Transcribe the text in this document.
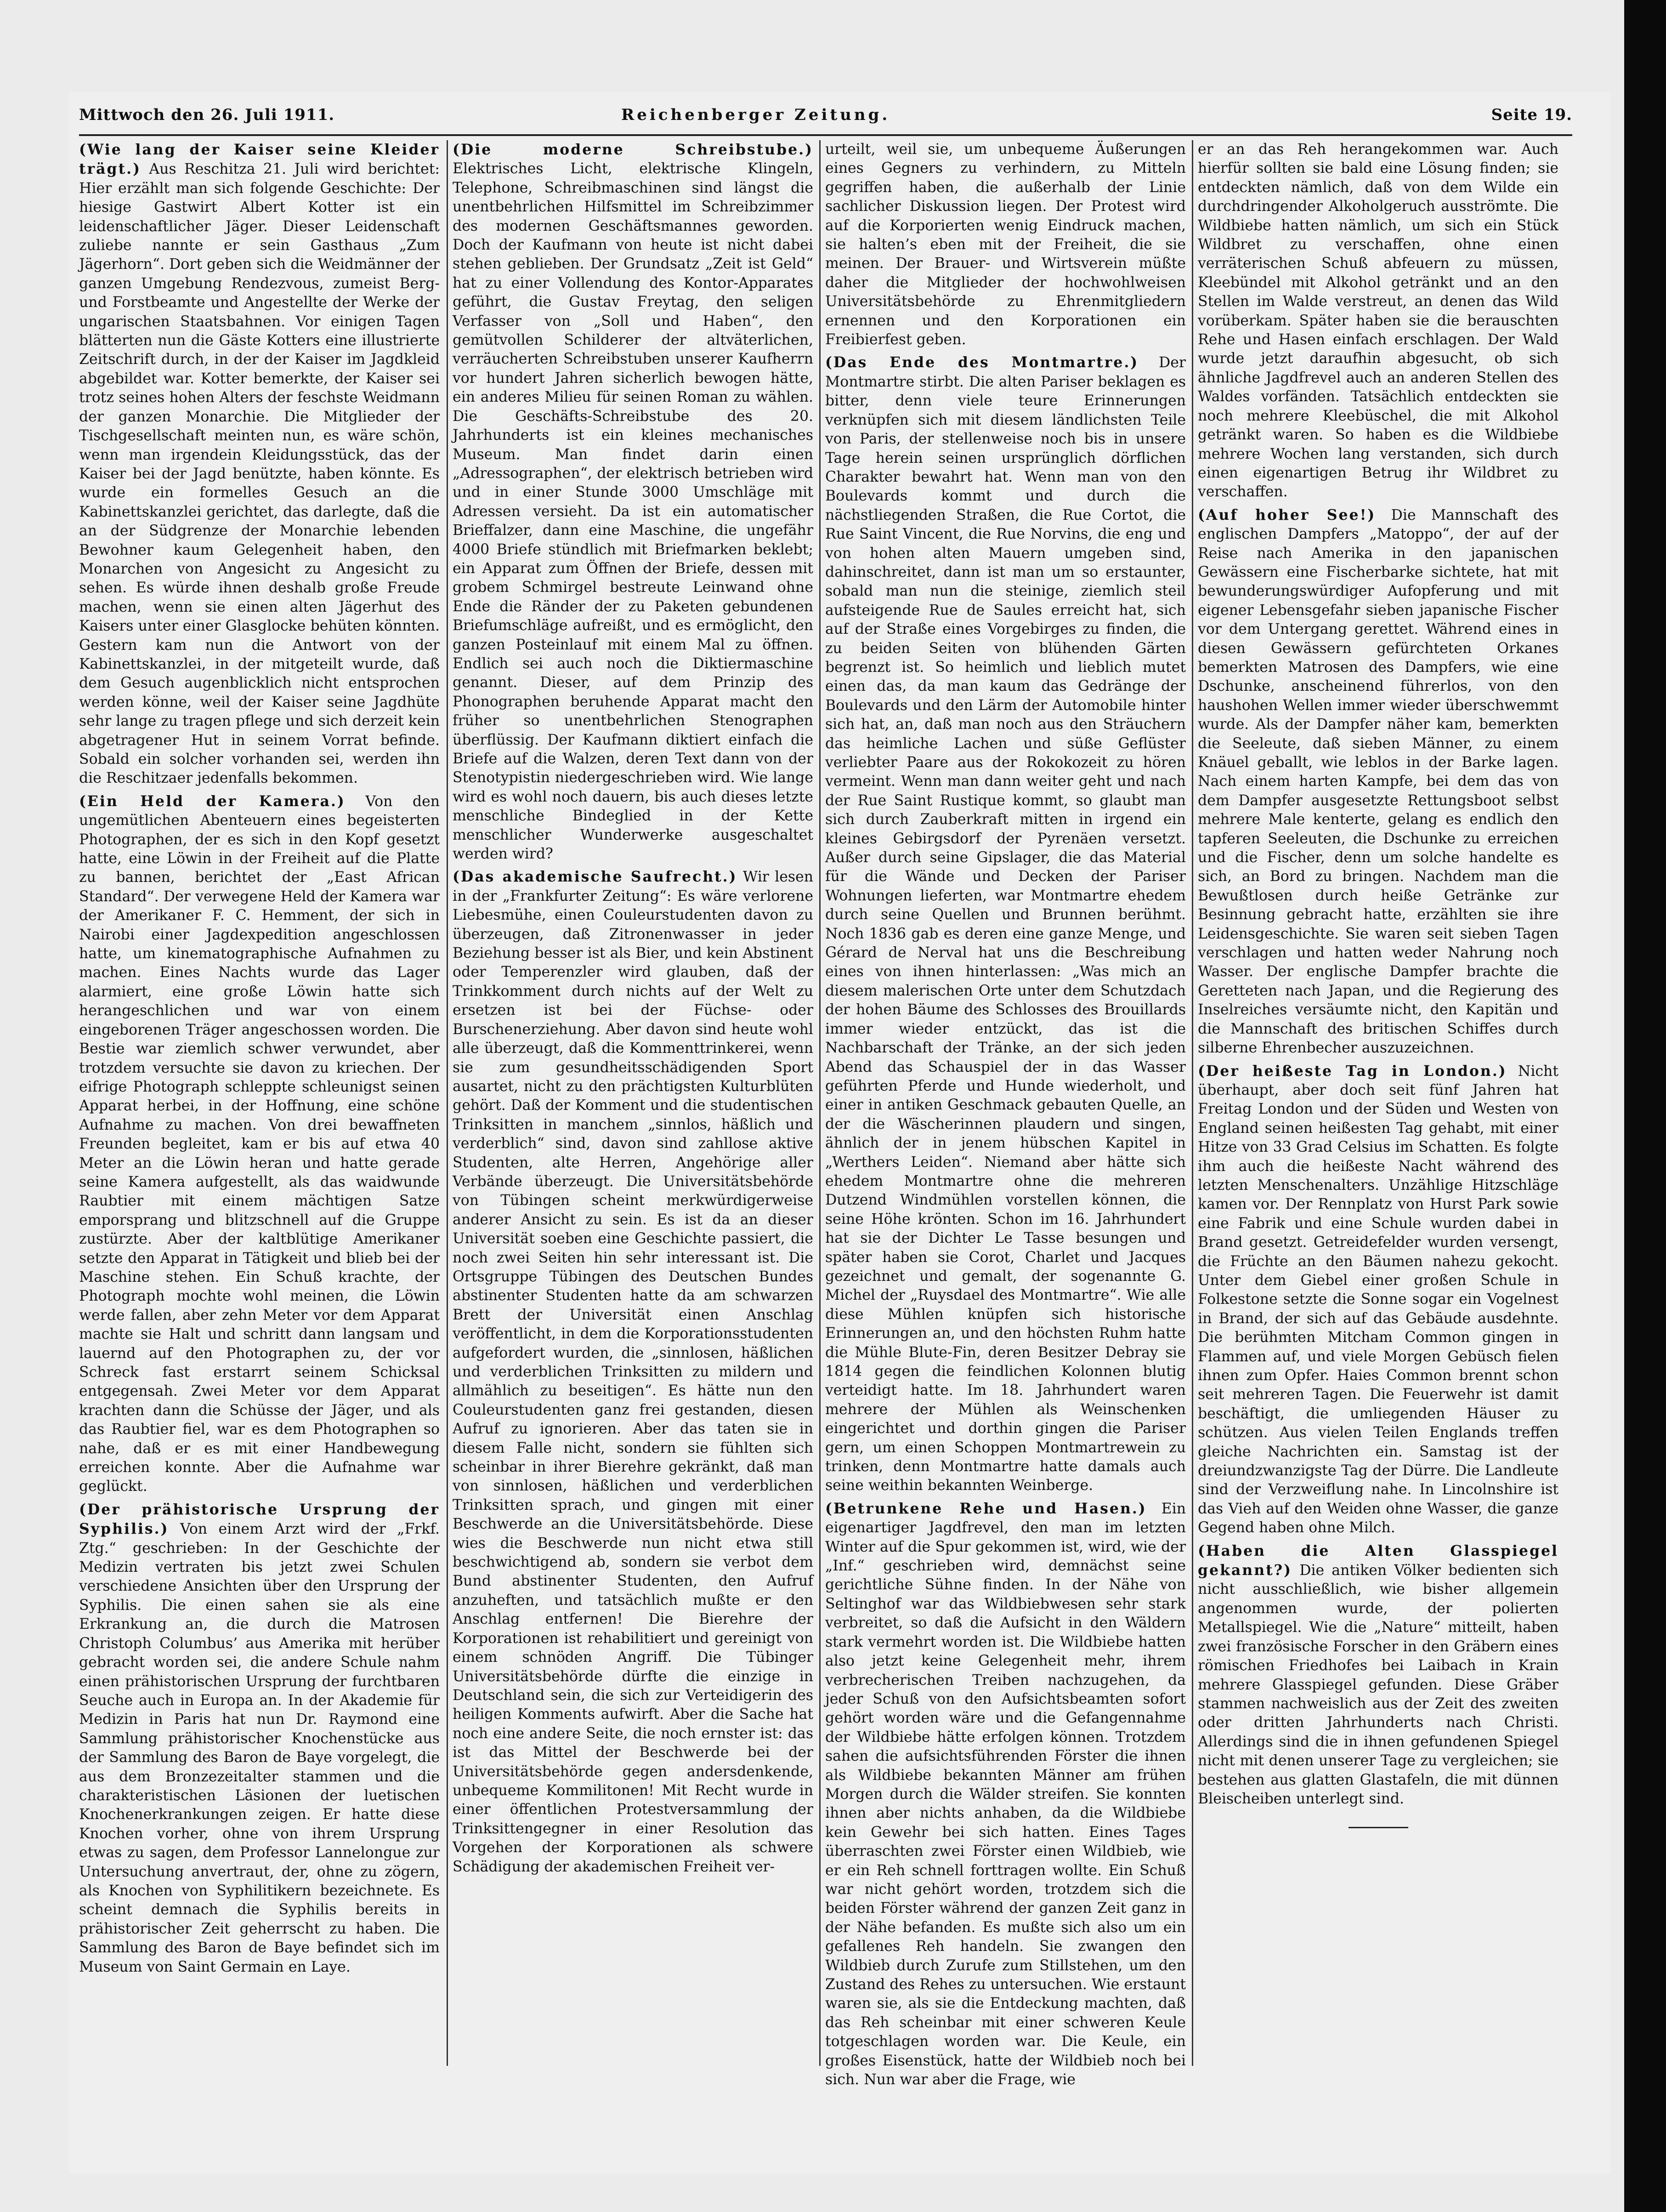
Mittwoch den 26. Juli 1911.	Reichenberger Zeitung.	Seite 19.

(Wie lang der Kaiser seine Kleider trägt.) Aus Reschitza 21. Juli wird berichtet: Hier erzählt man sich folgende Geschichte: Der hiesige Gastwirt Albert Kotter ist ein leidenschaftlicher Jäger. Dieser Leidenschaft zuliebe nannte er sein Gasthaus „Zum Jägerhorn“. Dort geben sich die Weidmänner der ganzen Umgebung Rendezvous, zumeist Berg- und Forstbeamte und Angestellte der Werke der ungarischen Staatsbahnen. Vor einigen Tagen blätterten nun die Gäste Kotters eine illustrierte Zeitschrift durch, in der der Kaiser im Jagdkleid abgebildet war. Kotter bemerkte, der Kaiser sei trotz seines hohen Alters der feschste Weidmann der ganzen Monarchie. Die Mitglieder der Tischgesellschaft meinten nun, es wäre schön, wenn man irgendein Kleidungsstück, das der Kaiser bei der Jagd benützte, haben könnte. Es wurde ein formelles Gesuch an die Kabinettskanzlei gerichtet, das darlegte, daß die an der Südgrenze der Monarchie lebenden Bewohner kaum Gelegenheit haben, den Monarchen von Angesicht zu Angesicht zu sehen. Es würde ihnen deshalb große Freude machen, wenn sie einen alten Jägerhut des Kaisers unter einer Glasglocke behüten könnten. Gestern kam nun die Antwort von der Kabinettskanzlei, in der mitgeteilt wurde, daß dem Gesuch augenblicklich nicht entsprochen werden könne, weil der Kaiser seine Jagdhüte sehr lange zu tragen pflege und sich derzeit kein abgetragener Hut in seinem Vorrat befinde. Sobald ein solcher vorhanden sei, werden ihn die Reschitzaer jedenfalls bekommen.

(Ein Held der Kamera.) Von den ungemütlichen Abenteuern eines begeisterten Photographen, der es sich in den Kopf gesetzt hatte, eine Löwin in der Freiheit auf die Platte zu bannen, berichtet der „East African Standard“. Der verwegene Held der Kamera war der Amerikaner F. C. Hemment, der sich in Nairobi einer Jagdexpedition angeschlossen hatte, um kinematographische Aufnahmen zu machen. Eines Nachts wurde das Lager alarmiert, eine große Löwin hatte sich herangeschlichen und war von einem eingeborenen Träger angeschossen worden. Die Bestie war ziemlich schwer verwundet, aber trotzdem versuchte sie davon zu kriechen. Der eifrige Photograph schleppte schleunigst seinen Apparat herbei, in der Hoffnung, eine schöne Aufnahme zu machen. Von drei bewaffneten Freunden begleitet, kam er bis auf etwa 40 Meter an die Löwin heran und hatte gerade seine Kamera aufgestellt, als das waidwunde Raubtier mit einem mächtigen Satze emporsprang und blitzschnell auf die Gruppe zustürzte. Aber der kaltblütige Amerikaner setzte den Apparat in Tätigkeit und blieb bei der Maschine stehen. Ein Schuß krachte, der Photograph mochte wohl meinen, die Löwin werde fallen, aber zehn Meter vor dem Apparat machte sie Halt und schritt dann langsam und lauernd auf den Photographen zu, der vor Schreck fast erstarrt seinem Schicksal entgegensah. Zwei Meter vor dem Apparat krachten dann die Schüsse der Jäger, und als das Raubtier fiel, war es dem Photographen so nahe, daß er es mit einer Handbewegung erreichen konnte. Aber die Aufnahme war geglückt.

(Der prähistorische Ursprung der Syphilis.) Von einem Arzt wird der „Frkf. Ztg.“ geschrieben: In der Geschichte der Medizin vertraten bis jetzt zwei Schulen verschiedene Ansichten über den Ursprung der Syphilis. Die einen sahen sie als eine Erkrankung an, die durch die Matrosen Christoph Columbus’ aus Amerika mit herüber gebracht worden sei, die andere Schule nahm einen prähistorischen Ursprung der furchtbaren Seuche auch in Europa an. In der Akademie für Medizin in Paris hat nun Dr. Raymond eine Sammlung prähistorischer Knochenstücke aus der Sammlung des Baron de Baye vorgelegt, die aus dem Bronzezeitalter stammen und die charakteristischen Läsionen der luetischen Knochenerkrankungen zeigen. Er hatte diese Knochen vorher, ohne von ihrem Ursprung etwas zu sagen, dem Professor Lannelongue zur Untersuchung anvertraut, der, ohne zu zögern, als Knochen von Syphilitikern bezeichnete. Es scheint demnach die Syphilis bereits in prähistorischer Zeit geherrscht zu haben. Die Sammlung des Baron de Baye befindet sich im Museum von Saint Germain en Laye.

(Die moderne Schreibstube.) Elektrisches Licht, elektrische Klingeln, Telephone, Schreibmaschinen sind längst die unentbehrlichen Hilfsmittel im Schreibzimmer des modernen Geschäftsmannes geworden. Doch der Kaufmann von heute ist nicht dabei stehen geblieben. Der Grundsatz „Zeit ist Geld“ hat zu einer Vollendung des Kontor-Apparates geführt, die Gustav Freytag, den seligen Verfasser von „Soll und Haben“, den gemütvollen Schilderer der altväterlichen, verräucherten Schreibstuben unserer Kaufherrn vor hundert Jahren sicherlich bewogen hätte, ein anderes Milieu für seinen Roman zu wählen. Die Geschäfts-Schreibstube des 20. Jahrhunderts ist ein kleines mechanisches Museum. Man findet darin einen „Adressographen“, der elektrisch betrieben wird und in einer Stunde 3000 Umschläge mit Adressen versieht. Da ist ein automatischer Brieffalzer, dann eine Maschine, die ungefähr 4000 Briefe stündlich mit Briefmarken beklebt; ein Apparat zum Öffnen der Briefe, dessen mit grobem Schmirgel bestreute Leinwand ohne Ende die Ränder der zu Paketen gebundenen Briefumschläge aufreißt, und es ermöglicht, den ganzen Posteinlauf mit einem Mal zu öffnen. Endlich sei auch noch die Diktiermaschine genannt. Dieser, auf dem Prinzip des Phonographen beruhende Apparat macht den früher so unentbehrlichen Stenographen überflüssig. Der Kaufmann diktiert einfach die Briefe auf die Walzen, deren Text dann von der Stenotypistin niedergeschrieben wird. Wie lange wird es wohl noch dauern, bis auch dieses letzte menschliche Bindeglied in der Kette menschlicher Wunderwerke ausgeschaltet werden wird?

(Das akademische Saufrecht.) Wir lesen in der „Frankfurter Zeitung“: Es wäre verlorene Liebesmühe, einen Couleurstudenten davon zu überzeugen, daß Zitronenwasser in jeder Beziehung besser ist als Bier, und kein Abstinent oder Temperenzler wird glauben, daß der Trinkkomment durch nichts auf der Welt zu ersetzen ist bei der Füchse- oder Burschenerziehung. Aber davon sind heute wohl alle überzeugt, daß die Kommenttrinkerei, wenn sie zum gesundheitsschädigenden Sport ausartet, nicht zu den prächtigsten Kulturblüten gehört. Daß der Komment und die studentischen Trinksitten in manchem „sinnlos, häßlich und verderblich“ sind, davon sind zahllose aktive Studenten, alte Herren, Angehörige aller Verbände überzeugt. Die Universitätsbehörde von Tübingen scheint merkwürdigerweise anderer Ansicht zu sein. Es ist da an dieser Universität soeben eine Geschichte passiert, die noch zwei Seiten hin sehr interessant ist. Die Ortsgruppe Tübingen des Deutschen Bundes abstinenter Studenten hatte da am schwarzen Brett der Universität einen Anschlag veröffentlicht, in dem die Korporationsstudenten aufgefordert wurden, die „sinnlosen, häßlichen und verderblichen Trinksitten zu mildern und allmählich zu beseitigen“. Es hätte nun den Couleurstudenten ganz frei gestanden, diesen Aufruf zu ignorieren. Aber das taten sie in diesem Falle nicht, sondern sie fühlten sich scheinbar in ihrer Bierehre gekränkt, daß man von sinnlosen, häßlichen und verderblichen Trinksitten sprach, und gingen mit einer Beschwerde an die Universitätsbehörde. Diese wies die Beschwerde nun nicht etwa still beschwichtigend ab, sondern sie verbot dem Bund abstinenter Studenten, den Aufruf anzuheften, und tatsächlich mußte er den Anschlag entfernen! Die Bierehre der Korporationen ist rehabilitiert und gereinigt von einem schnöden Angriff. Die Tübinger Universitätsbehörde dürfte die einzige in Deutschland sein, die sich zur Verteidigerin des heiligen Komments aufwirft. Aber die Sache hat noch eine andere Seite, die noch ernster ist: das ist das Mittel der Beschwerde bei der Universitätsbehörde gegen andersdenkende, unbequeme Kommilitonen! Mit Recht wurde in einer öffentlichen Protestversammlung der Trinksittengegner in einer Resolution das Vorgehen der Korporationen als schwere Schädigung der akademischen Freiheit ver-

urteilt, weil sie, um unbequeme Äußerungen eines Gegners zu verhindern, zu Mitteln gegriffen haben, die außerhalb der Linie sachlicher Diskussion liegen. Der Protest wird auf die Korporierten wenig Eindruck machen, sie halten’s eben mit der Freiheit, die sie meinen. Der Brauer- und Wirtsverein müßte daher die Mitglieder der hochwohlweisen Universitätsbehörde zu Ehrenmitgliedern ernennen und den Korporationen ein Freibierfest geben.

(Das Ende des Montmartre.) Der Montmartre stirbt. Die alten Pariser beklagen es bitter, denn viele teure Erinnerungen verknüpfen sich mit diesem ländlichsten Teile von Paris, der stellenweise noch bis in unsere Tage herein seinen ursprünglich dörflichen Charakter bewahrt hat. Wenn man von den Boulevards kommt und durch die nächstliegenden Straßen, die Rue Cortot, die Rue Saint Vincent, die Rue Norvins, die eng und von hohen alten Mauern umgeben sind, dahinschreitet, dann ist man um so erstaunter, sobald man nun die steinige, ziemlich steil aufsteigende Rue de Saules erreicht hat, sich auf der Straße eines Vorgebirges zu finden, die zu beiden Seiten von blühenden Gärten begrenzt ist. So heimlich und lieblich mutet einen das, da man kaum das Gedränge der Boulevards und den Lärm der Automobile hinter sich hat, an, daß man noch aus den Sträuchern das heimliche Lachen und süße Geflüster verliebter Paare aus der Rokokozeit zu hören vermeint. Wenn man dann weiter geht und nach der Rue Saint Rustique kommt, so glaubt man sich durch Zauberkraft mitten in irgend ein kleines Gebirgsdorf der Pyrenäen versetzt. Außer durch seine Gipslager, die das Material für die Wände und Decken der Pariser Wohnungen lieferten, war Montmartre ehedem durch seine Quellen und Brunnen berühmt. Noch 1836 gab es deren eine ganze Menge, und Gérard de Nerval hat uns die Beschreibung eines von ihnen hinterlassen: „Was mich an diesem malerischen Orte unter dem Schutzdach der hohen Bäume des Schlosses des Brouillards immer wieder entzückt, das ist die Nachbarschaft der Tränke, an der sich jeden Abend das Schauspiel der in das Wasser geführten Pferde und Hunde wiederholt, und einer in antiken Geschmack gebauten Quelle, an der die Wäscherinnen plaudern und singen, ähnlich der in jenem hübschen Kapitel in „Werthers Leiden“. Niemand aber hätte sich ehedem Montmartre ohne die mehreren Dutzend Windmühlen vorstellen können, die seine Höhe krönten. Schon im 16. Jahrhundert hat sie der Dichter Le Tasse besungen und später haben sie Corot, Charlet und Jacques gezeichnet und gemalt, der sogenannte G. Michel der „Ruysdael des Montmartre“. Wie alle diese Mühlen knüpfen sich historische Erinnerungen an, und den höchsten Ruhm hatte die Mühle Blute-Fin, deren Besitzer Debray sie 1814 gegen die feindlichen Kolonnen blutig verteidigt hatte. Im 18. Jahrhundert waren mehrere der Mühlen als Weinschenken eingerichtet und dorthin gingen die Pariser gern, um einen Schoppen Montmartrewein zu trinken, denn Montmartre hatte damals auch seine weithin bekannten Weinberge.

(Betrunkene Rehe und Hasen.) Ein eigenartiger Jagdfrevel, den man im letzten Winter auf die Spur gekommen ist, wird, wie der „Inf.“ geschrieben wird, demnächst seine gerichtliche Sühne finden. In der Nähe von Seltinghof war das Wildbiebwesen sehr stark verbreitet, so daß die Aufsicht in den Wäldern stark vermehrt worden ist. Die Wildbiebe hatten also jetzt keine Gelegenheit mehr, ihrem verbrecherischen Treiben nachzugehen, da jeder Schuß von den Aufsichtsbeamten sofort gehört worden wäre und die Gefangennahme der Wildbiebe hätte erfolgen können. Trotzdem sahen die aufsichtsführenden Förster die ihnen als Wildbiebe bekannten Männer am frühen Morgen durch die Wälder streifen. Sie konnten ihnen aber nichts anhaben, da die Wildbiebe kein Gewehr bei sich hatten. Eines Tages überraschten zwei Förster einen Wildbieb, wie er ein Reh schnell forttragen wollte. Ein Schuß war nicht gehört worden, trotzdem sich die beiden Förster während der ganzen Zeit ganz in der Nähe befanden. Es mußte sich also um ein gefallenes Reh handeln. Sie zwangen den Wildbieb durch Zurufe zum Stillstehen, um den Zustand des Rehes zu untersuchen. Wie erstaunt waren sie, als sie die Entdeckung machten, daß das Reh scheinbar mit einer schweren Keule totgeschlagen worden war. Die Keule, ein großes Eisenstück, hatte der Wildbieb noch bei sich. Nun war aber die Frage, wie

er an das Reh herangekommen war. Auch hierfür sollten sie bald eine Lösung finden; sie entdeckten nämlich, daß von dem Wilde ein durchdringender Alkoholgeruch ausströmte. Die Wildbiebe hatten nämlich, um sich ein Stück Wildbret zu verschaffen, ohne einen verräterischen Schuß abfeuern zu müssen, Kleebündel mit Alkohol getränkt und an den Stellen im Walde verstreut, an denen das Wild vorüberkam. Später haben sie die berauschten Rehe und Hasen einfach erschlagen. Der Wald wurde jetzt daraufhin abgesucht, ob sich ähnliche Jagdfrevel auch an anderen Stellen des Waldes vorfänden. Tatsächlich entdeckten sie noch mehrere Kleebüschel, die mit Alkohol getränkt waren. So haben es die Wildbiebe mehrere Wochen lang verstanden, sich durch einen eigenartigen Betrug ihr Wildbret zu verschaffen.

(Auf hoher See!) Die Mannschaft des englischen Dampfers „Matoppo“, der auf der Reise nach Amerika in den japanischen Gewässern eine Fischerbarke sichtete, hat mit bewunderungswürdiger Aufopferung und mit eigener Lebensgefahr sieben japanische Fischer vor dem Untergang gerettet. Während eines in diesen Gewässern gefürchteten Orkanes bemerkten Matrosen des Dampfers, wie eine Dschunke, anscheinend führerlos, von den haushohen Wellen immer wieder überschwemmt wurde. Als der Dampfer näher kam, bemerkten die Seeleute, daß sieben Männer, zu einem Knäuel geballt, wie leblos in der Barke lagen. Nach einem harten Kampfe, bei dem das von dem Dampfer ausgesetzte Rettungsboot selbst mehrere Male kenterte, gelang es endlich den tapferen Seeleuten, die Dschunke zu erreichen und die Fischer, denn um solche handelte es sich, an Bord zu bringen. Nachdem man die Bewußtlosen durch heiße Getränke zur Besinnung gebracht hatte, erzählten sie ihre Leidensgeschichte. Sie waren seit sieben Tagen verschlagen und hatten weder Nahrung noch Wasser. Der englische Dampfer brachte die Geretteten nach Japan, und die Regierung des Inselreiches versäumte nicht, den Kapitän und die Mannschaft des britischen Schiffes durch silberne Ehrenbecher auszuzeichnen.

(Der heißeste Tag in London.) Nicht überhaupt, aber doch seit fünf Jahren hat Freitag London und der Süden und Westen von England seinen heißesten Tag gehabt, mit einer Hitze von 33 Grad Celsius im Schatten. Es folgte ihm auch die heißeste Nacht während des letzten Menschenalters. Unzählige Hitzschläge kamen vor. Der Rennplatz von Hurst Park sowie eine Fabrik und eine Schule wurden dabei in Brand gesetzt. Getreidefelder wurden versengt, die Früchte an den Bäumen nahezu gekocht. Unter dem Giebel einer großen Schule in Folkestone setzte die Sonne sogar ein Vogelnest in Brand, der sich auf das Gebäude ausdehnte. Die berühmten Mitcham Common gingen in Flammen auf, und viele Morgen Gebüsch fielen ihnen zum Opfer. Haies Common brennt schon seit mehreren Tagen. Die Feuerwehr ist damit beschäftigt, die umliegenden Häuser zu schützen. Aus vielen Teilen Englands treffen gleiche Nachrichten ein. Samstag ist der dreiundzwanzigste Tag der Dürre. Die Landleute sind der Verzweiflung nahe. In Lincolnshire ist das Vieh auf den Weiden ohne Wasser, die ganze Gegend haben ohne Milch.

(Haben die Alten Glasspiegel gekannt?) Die antiken Völker bedienten sich nicht ausschließlich, wie bisher allgemein angenommen wurde, der polierten Metallspiegel. Wie die „Nature“ mitteilt, haben zwei französische Forscher in den Gräbern eines römischen Friedhofes bei Laibach in Krain mehrere Glasspiegel gefunden. Diese Gräber stammen nachweislich aus der Zeit des zweiten oder dritten Jahrhunderts nach Christi. Allerdings sind die in ihnen gefundenen Spiegel nicht mit denen unserer Tage zu vergleichen; sie bestehen aus glatten Glastafeln, die mit dünnen Bleischeiben unterlegt sind.
